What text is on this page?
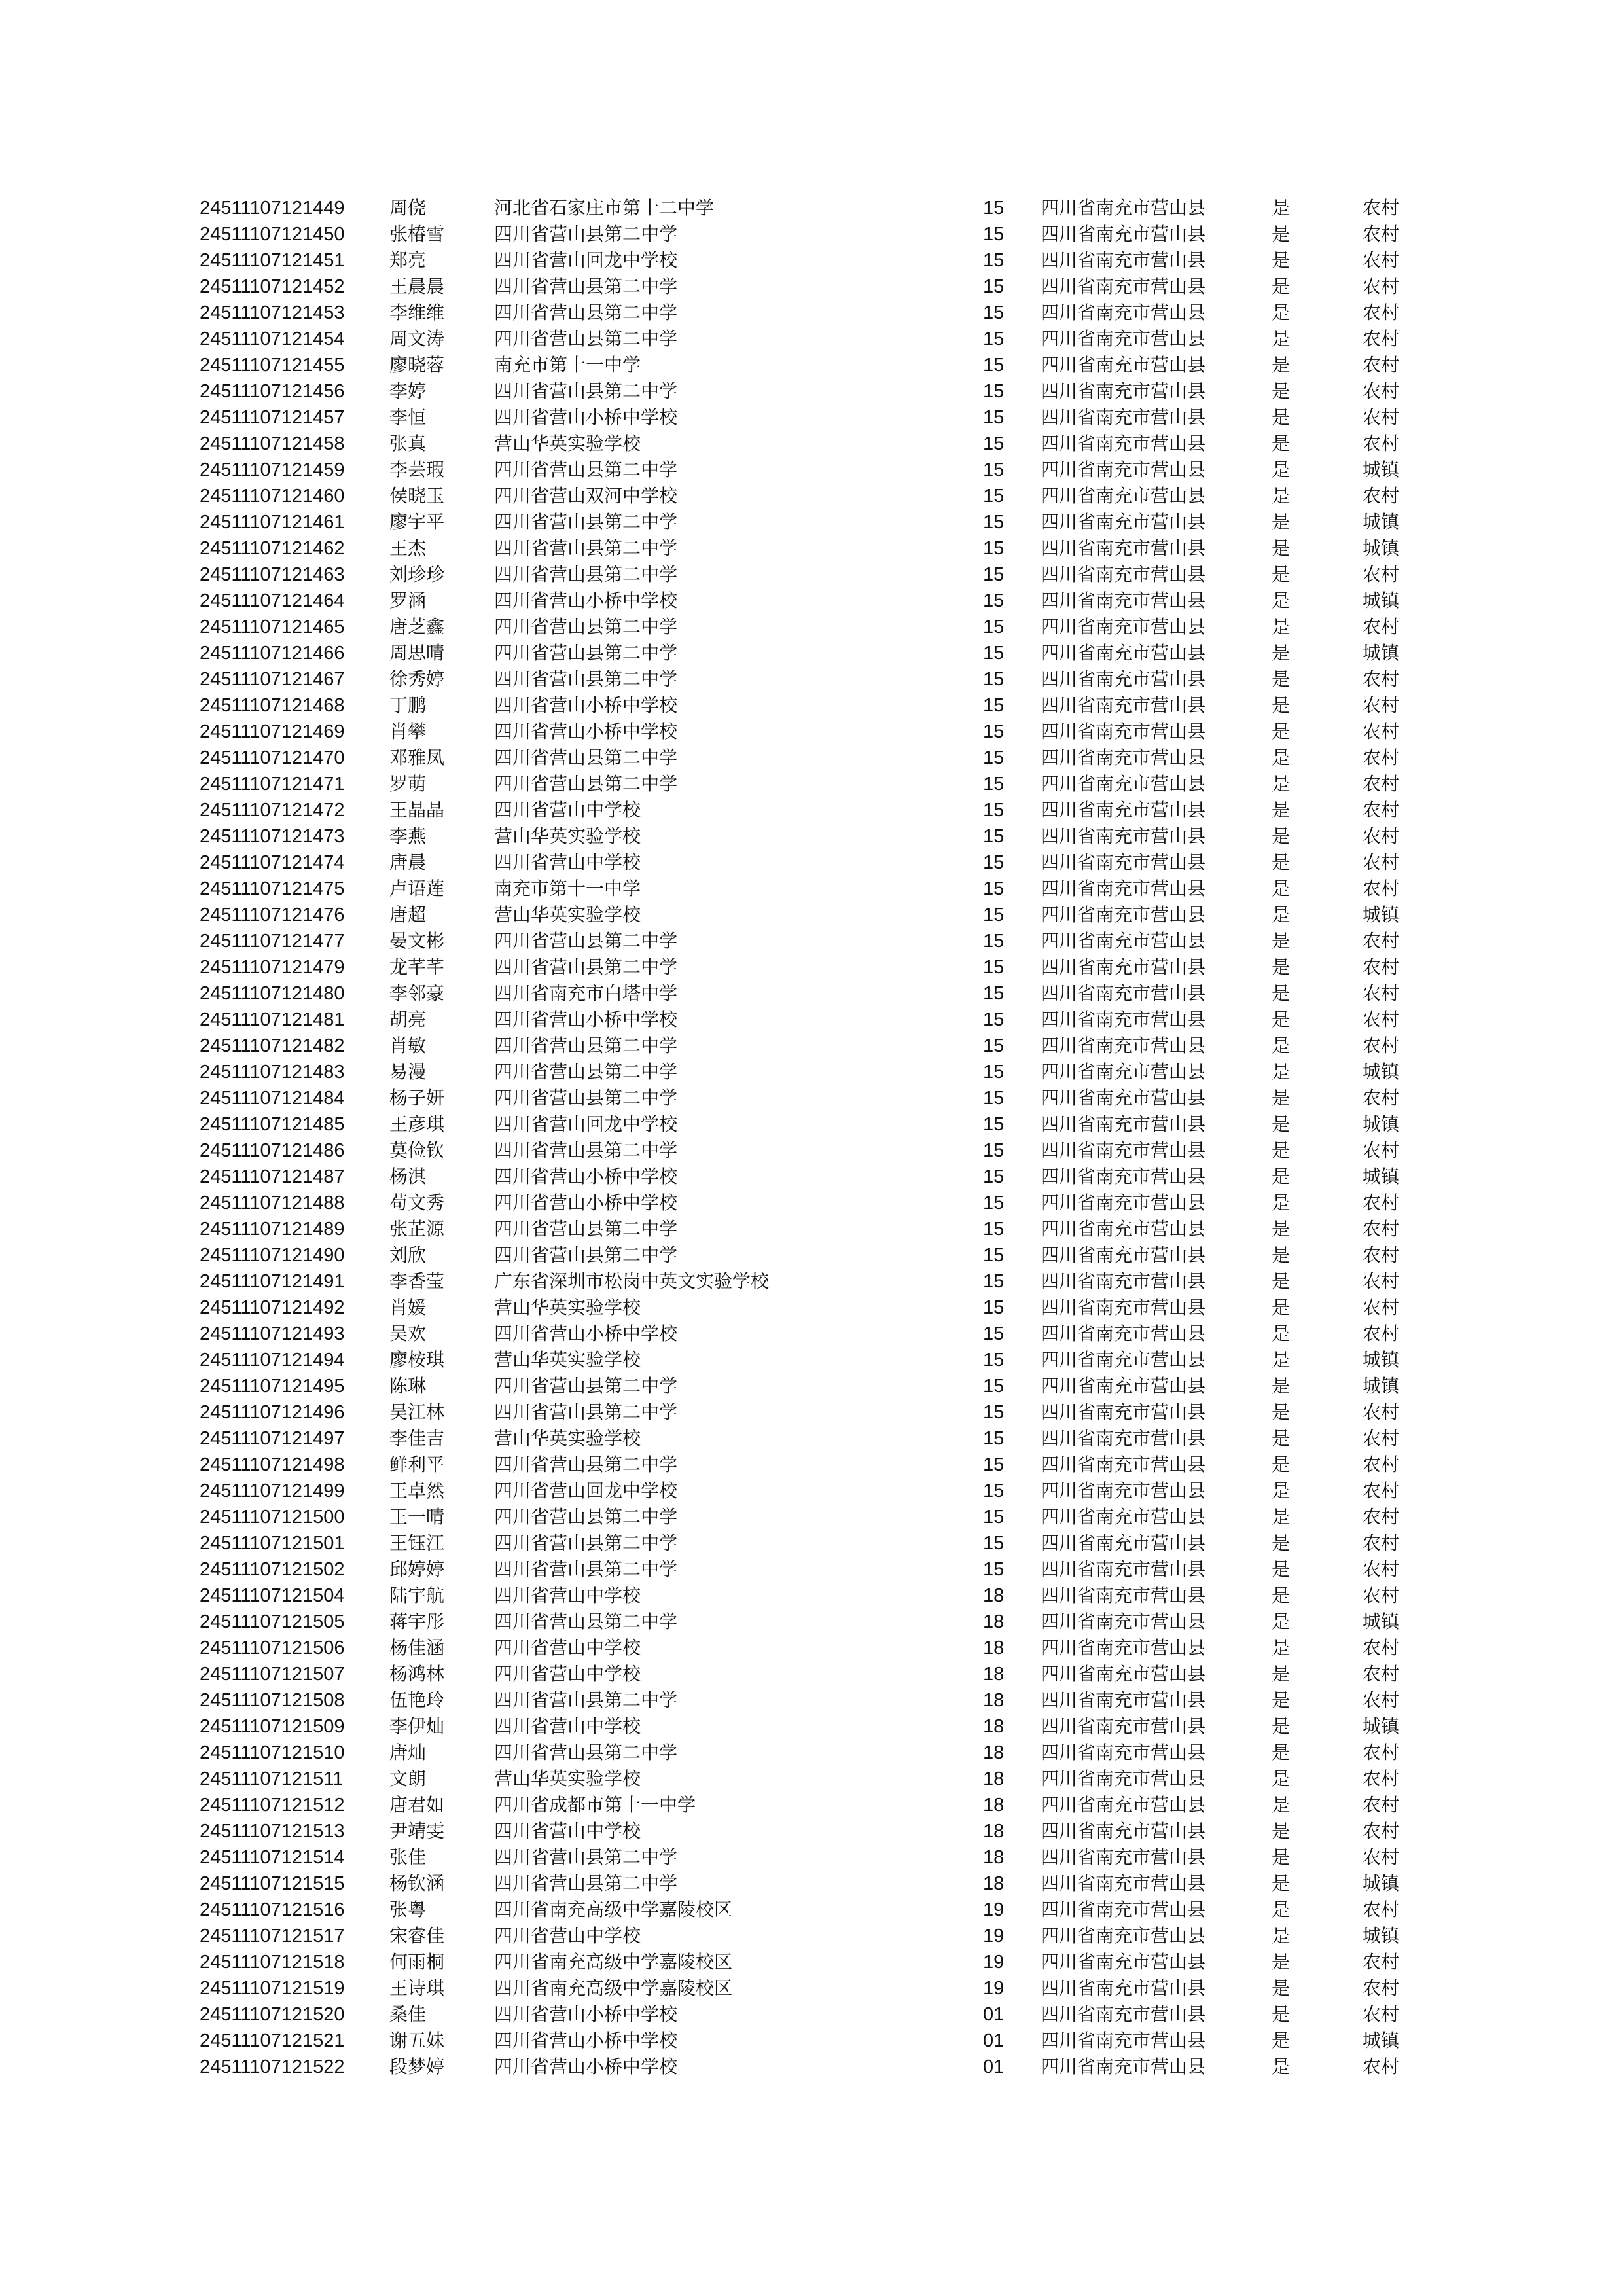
24511107121449 周侥	河北省石家庄市第十二中学	15 四川省南充市营山县	是	农村
24511107121450 张椿雪	四川省营山县第二中学	15 四川省南充市营山县	是	农村
24511107121451 郑亮	四川省营山回龙中学校	15 四川省南充市营山县	是	农村
24511107121452 王晨晨	四川省营山县第二中学	15 四川省南充市营山县	是	农村
24511107121453 李维维	四川省营山县第二中学	15 四川省南充市营山县	是	农村
24511107121454 周文涛	四川省营山县第二中学	15 四川省南充市营山县	是	农村
24511107121455 廖晓蓉	南充市第十一中学	15 四川省南充市营山县	是	农村
24511107121456 李婷	四川省营山县第二中学	15 四川省南充市营山县	是	农村
24511107121457 李恒	四川省营山小桥中学校	15 四川省南充市营山县	是	农村
24511107121458 张真	营山华英实验学校	15 四川省南充市营山县	是	农村
24511107121459 李芸瑕	四川省营山县第二中学	15 四川省南充市营山县	是	城镇
24511107121460 侯晓玉	四川省营山双河中学校	15 四川省南充市营山县	是	农村
24511107121461 廖宇平	四川省营山县第二中学	15 四川省南充市营山县	是	城镇
24511107121462 王杰	四川省营山县第二中学	15 四川省南充市营山县	是	城镇
24511107121463 刘珍珍	四川省营山县第二中学	15 四川省南充市营山县	是	农村
24511107121464 罗涵	四川省营山小桥中学校	15 四川省南充市营山县	是	城镇
24511107121465 唐芝鑫	四川省营山县第二中学	15 四川省南充市营山县	是	农村
24511107121466 周思晴	四川省营山县第二中学	15 四川省南充市营山县	是	城镇
24511107121467 徐秀婷	四川省营山县第二中学	15 四川省南充市营山县	是	农村
24511107121468 丁鹏	四川省营山小桥中学校	15 四川省南充市营山县	是	农村
24511107121469 肖攀	四川省营山小桥中学校	15 四川省南充市营山县	是	农村
24511107121470 邓雅凤	四川省营山县第二中学	15 四川省南充市营山县	是	农村
24511107121471 罗萌	四川省营山县第二中学	15 四川省南充市营山县	是	农村
24511107121472 王晶晶	四川省营山中学校	15 四川省南充市营山县	是	农村
24511107121473 李燕	营山华英实验学校	15 四川省南充市营山县	是	农村
24511107121474 唐晨	四川省营山中学校	15 四川省南充市营山县	是	农村
24511107121475 卢语莲	南充市第十一中学	15 四川省南充市营山县	是	农村
24511107121476 唐超	营山华英实验学校	15 四川省南充市营山县	是	城镇
24511107121477 晏文彬	四川省营山县第二中学	15 四川省南充市营山县	是	农村
24511107121479 龙芊芊	四川省营山县第二中学	15 四川省南充市营山县	是	农村
24511107121480 李邻豪	四川省南充市白塔中学	15 四川省南充市营山县	是	农村
24511107121481 胡亮	四川省营山小桥中学校	15 四川省南充市营山县	是	农村
24511107121482 肖敏	四川省营山县第二中学	15 四川省南充市营山县	是	农村
24511107121483 易漫	四川省营山县第二中学	15 四川省南充市营山县	是	城镇
24511107121484 杨子妍	四川省营山县第二中学	15 四川省南充市营山县	是	农村
24511107121485 王彦琪	四川省营山回龙中学校	15 四川省南充市营山县	是	城镇
24511107121486 莫俭钦	四川省营山县第二中学	15 四川省南充市营山县	是	农村
24511107121487 杨淇	四川省营山小桥中学校	15 四川省南充市营山县	是	城镇
24511107121488 苟文秀	四川省营山小桥中学校	15 四川省南充市营山县	是	农村
24511107121489 张芷源	四川省营山县第二中学	15 四川省南充市营山县	是	农村
24511107121490 刘欣	四川省营山县第二中学	15 四川省南充市营山县	是	农村
24511107121491 李香莹	广东省深圳市松岗中英文实验学校	15 四川省南充市营山县	是	农村
24511107121492 肖媛	营山华英实验学校	15 四川省南充市营山县	是	农村
24511107121493 吴欢	四川省营山小桥中学校	15 四川省南充市营山县	是	农村
24511107121494 廖桉琪	营山华英实验学校	15 四川省南充市营山县	是	城镇
24511107121495 陈琳	四川省营山县第二中学	15 四川省南充市营山县	是	城镇
24511107121496 吴江林	四川省营山县第二中学	15 四川省南充市营山县	是	农村
24511107121497 李佳吉	营山华英实验学校	15 四川省南充市营山县	是	农村
24511107121498 鲜利平	四川省营山县第二中学	15 四川省南充市营山县	是	农村
24511107121499 王卓然	四川省营山回龙中学校	15 四川省南充市营山县	是	农村
24511107121500 王一晴	四川省营山县第二中学	15 四川省南充市营山县	是	农村
24511107121501 王钰江	四川省营山县第二中学	15 四川省南充市营山县	是	农村
24511107121502 邱婷婷	四川省营山县第二中学	15 四川省南充市营山县	是	农村
24511107121504 陆宇航	四川省营山中学校	18 四川省南充市营山县	是	农村
24511107121505 蒋宇彤	四川省营山县第二中学	18 四川省南充市营山县	是	城镇
24511107121506 杨佳涵	四川省营山中学校	18 四川省南充市营山县	是	农村
24511107121507 杨鸿林	四川省营山中学校	18 四川省南充市营山县	是	农村
24511107121508 伍艳玲	四川省营山县第二中学	18 四川省南充市营山县	是	农村
24511107121509 李伊灿	四川省营山中学校	18 四川省南充市营山县	是	城镇
24511107121510 唐灿	四川省营山县第二中学	18 四川省南充市营山县	是	农村
24511107121511	文朗	营山华英实验学校	18 四川省南充市营山县	是	农村
24511107121512 唐君如	四川省成都市第十一中学	18 四川省南充市营山县	是	农村
24511107121513 尹靖雯	四川省营山中学校	18 四川省南充市营山县	是	农村
24511107121514 张佳	四川省营山县第二中学	18 四川省南充市营山县	是	农村
24511107121515 杨钦涵	四川省营山县第二中学	18 四川省南充市营山县	是	城镇
24511107121516 张粤	四川省南充高级中学嘉陵校区	19 四川省南充市营山县	是	农村
24511107121517 宋睿佳	四川省营山中学校	19 四川省南充市营山县	是	城镇
24511107121518 何雨桐	四川省南充高级中学嘉陵校区	19 四川省南充市营山县	是	农村
24511107121519 王诗琪	四川省南充高级中学嘉陵校区	19 四川省南充市营山县	是	农村
24511107121520 桑佳	四川省营山小桥中学校	01 四川省南充市营山县	是	农村
24511107121521 谢五妹	四川省营山小桥中学校	01 四川省南充市营山县	是	城镇
24511107121522 段梦婷	四川省营山小桥中学校	01 四川省南充市营山县	是	农村
